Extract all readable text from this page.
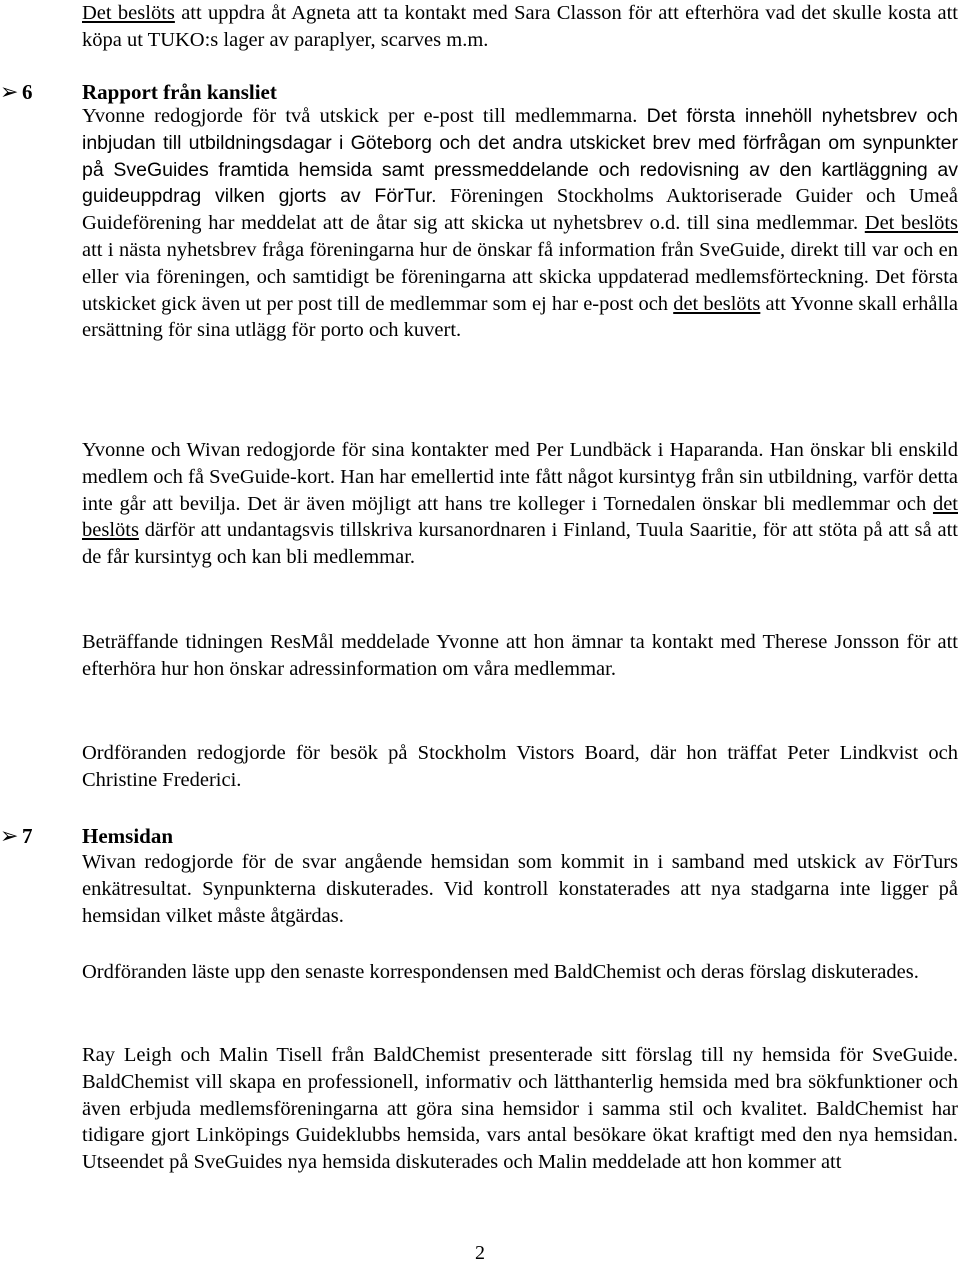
Det beslöts att uppdra åt Agneta att ta kontakt med Sara Classon för att efterhöra vad det skulle kosta att köpa ut TUKO:s lager av paraplyer, scarves m.m.

➢ 6 Rapport från kansliet

Yvonne redogjorde för två utskick per e-post till medlemmarna. Det första innehöll nyhetsbrev och inbjudan till utbildningsdagar i Göteborg och det andra utskicket brev med förfrågan om synpunkter på SveGuides framtida hemsida samt pressmeddelande och redovisning av den kartläggning av guideuppdrag vilken gjorts av FörTur. Föreningen Stockholms Auktoriserade Guider och Umeå Guideförening har meddelat att de åtar sig att skicka ut nyhetsbrev o.d. till sina medlemmar. Det beslöts att i nästa nyhetsbrev fråga föreningarna hur de önskar få information från SveGuide, direkt till var och en eller via föreningen, och samtidigt be föreningarna att skicka uppdaterad medlemsförteckning. Det första utskicket gick även ut per post till de medlemmar som ej har e-post och det beslöts att Yvonne skall erhålla ersättning för sina utlägg för porto och kuvert.

Yvonne och Wivan redogjorde för sina kontakter med Per Lundbäck i Haparanda. Han önskar bli enskild medlem och få SveGuide-kort. Han har emellertid inte fått något kursintyg från sin utbildning, varför detta inte går att bevilja. Det är även möjligt att hans tre kolleger i Tornedalen önskar bli medlemmar och det beslöts därför att undantagsvis tillskriva kursanordnaren i Finland, Tuula Saaritie, för att stöta på att så att de får kursintyg och kan bli medlemmar.

Beträffande tidningen ResMål meddelade Yvonne att hon ämnar ta kontakt med Therese Jonsson för att efterhöra hur hon önskar adressinformation om våra medlemmar.

Ordföranden redogjorde för besök på Stockholm Vistors Board, där hon träffat Peter Lindkvist och Christine Frederici.

➢ 7 Hemsidan

Wivan redogjorde för de svar angående hemsidan som kommit in i samband med utskick av FörTurs enkätresultat. Synpunkterna diskuterades. Vid kontroll konstaterades att nya stadgarna inte ligger på hemsidan vilket måste åtgärdas.

Ordföranden läste upp den senaste korrespondensen med BaldChemist och deras förslag diskuterades.

Ray Leigh och Malin Tisell från BaldChemist presenterade sitt förslag till ny hemsida för SveGuide. BaldChemist vill skapa en professionell, informativ och lätthanterlig hemsida med bra sökfunktioner och även erbjuda medlemsföreningarna att göra sina hemsidor i samma stil och kvalitet. BaldChemist har tidigare gjort Linköpings Guideklubbs hemsida, vars antal besökare ökat kraftigt med den nya hemsidan. Utseendet på SveGuides nya hemsida diskuterades och Malin meddelade att hon kommer att

2
